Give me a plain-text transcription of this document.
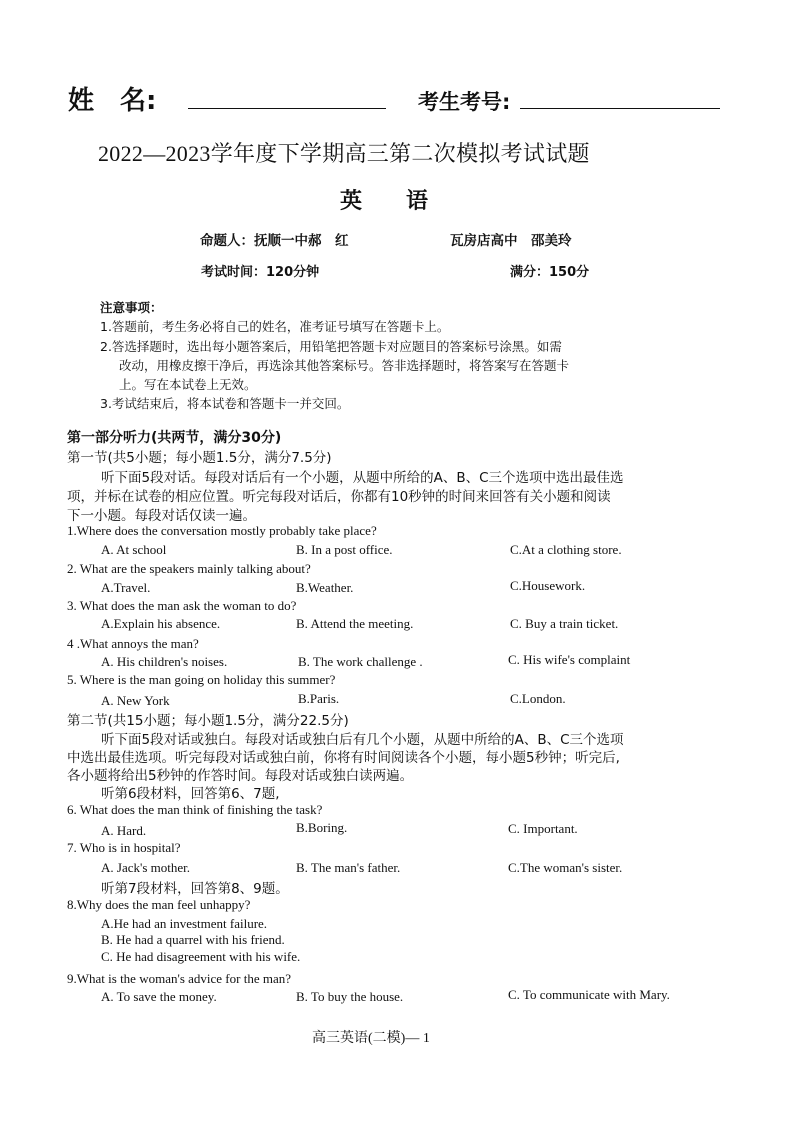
姓　名:	考生考号:
2022—2023学年度下学期高三第二次模拟考试试题
英　　语
命题人：抚顺一中郝　红	瓦房店高中　邵美玲
考试时间：120分钟	满分：150分
注意事项：
1.答题前，考生务必将自己的姓名，准考证号填写在答题卡上。
2.答选择题时，选出每小题答案后，用铅笔把答题卡对应题目的答案标号涂黑。如需
改动，用橡皮擦干净后，再选涂其他答案标号。答非选择题时，将答案写在答题卡
上。写在本试卷上无效。
3.考试结束后，将本试卷和答题卡一并交回。
第一部分听力(共两节，满分30分)
第一节(共5小题；每小题1.5分，满分7.5分)
听下面5段对话。每段对话后有一个小题，从题中所给的A、B、C三个选项中选出最佳选
项，并标在试卷的相应位置。听完每段对话后，你都有10秒钟的时间来回答有关小题和阅读
下一小题。每段对话仅读一遍。
1.Where does the conversation mostly probably take place?
A. At school	B. In a post office.	C.At a clothing store.
2. What are the speakers mainly talking about?
A.Travel.	B.Weather.	C.Housework.
3. What does the man ask the woman to do?
A.Explain his absence.	B. Attend the meeting.	C. Buy a train ticket.
4 .What annoys the man?
A. His children's noises.	B. The work challenge .	C. His wife's complaint
5. Where is the man going on holiday this summer?
A. New York	B.Paris.	C.London.
第二节(共15小题；每小题1.5分，满分22.5分)
听下面5段对话或独白。每段对话或独白后有几个小题，从题中所给的A、B、C三个选项
中选出最佳选项。听完每段对话或独白前，你将有时间阅读各个小题，每小题5秒钟；听完后,
各小题将给出5秒钟的作答时间。每段对话或独白读两遍。
听第6段材料，回答第6、7题,
6. What does the man think of finishing the task?
A. Hard.	B.Boring.	C. Important.
7. Who is in hospital?
A. Jack's mother.	B. The man's father.	C.The woman's sister.
听第7段材料，回答第8、9题。
8.Why does the man feel unhappy?
A.He had an investment failure.
B. He had a quarrel with his friend.
C. He had disagreement with his wife.
9.What is the woman's advice for the man?
A. To save the money.	B. To buy the house.	C. To communicate with Mary.
高三英语(二模)— 1
